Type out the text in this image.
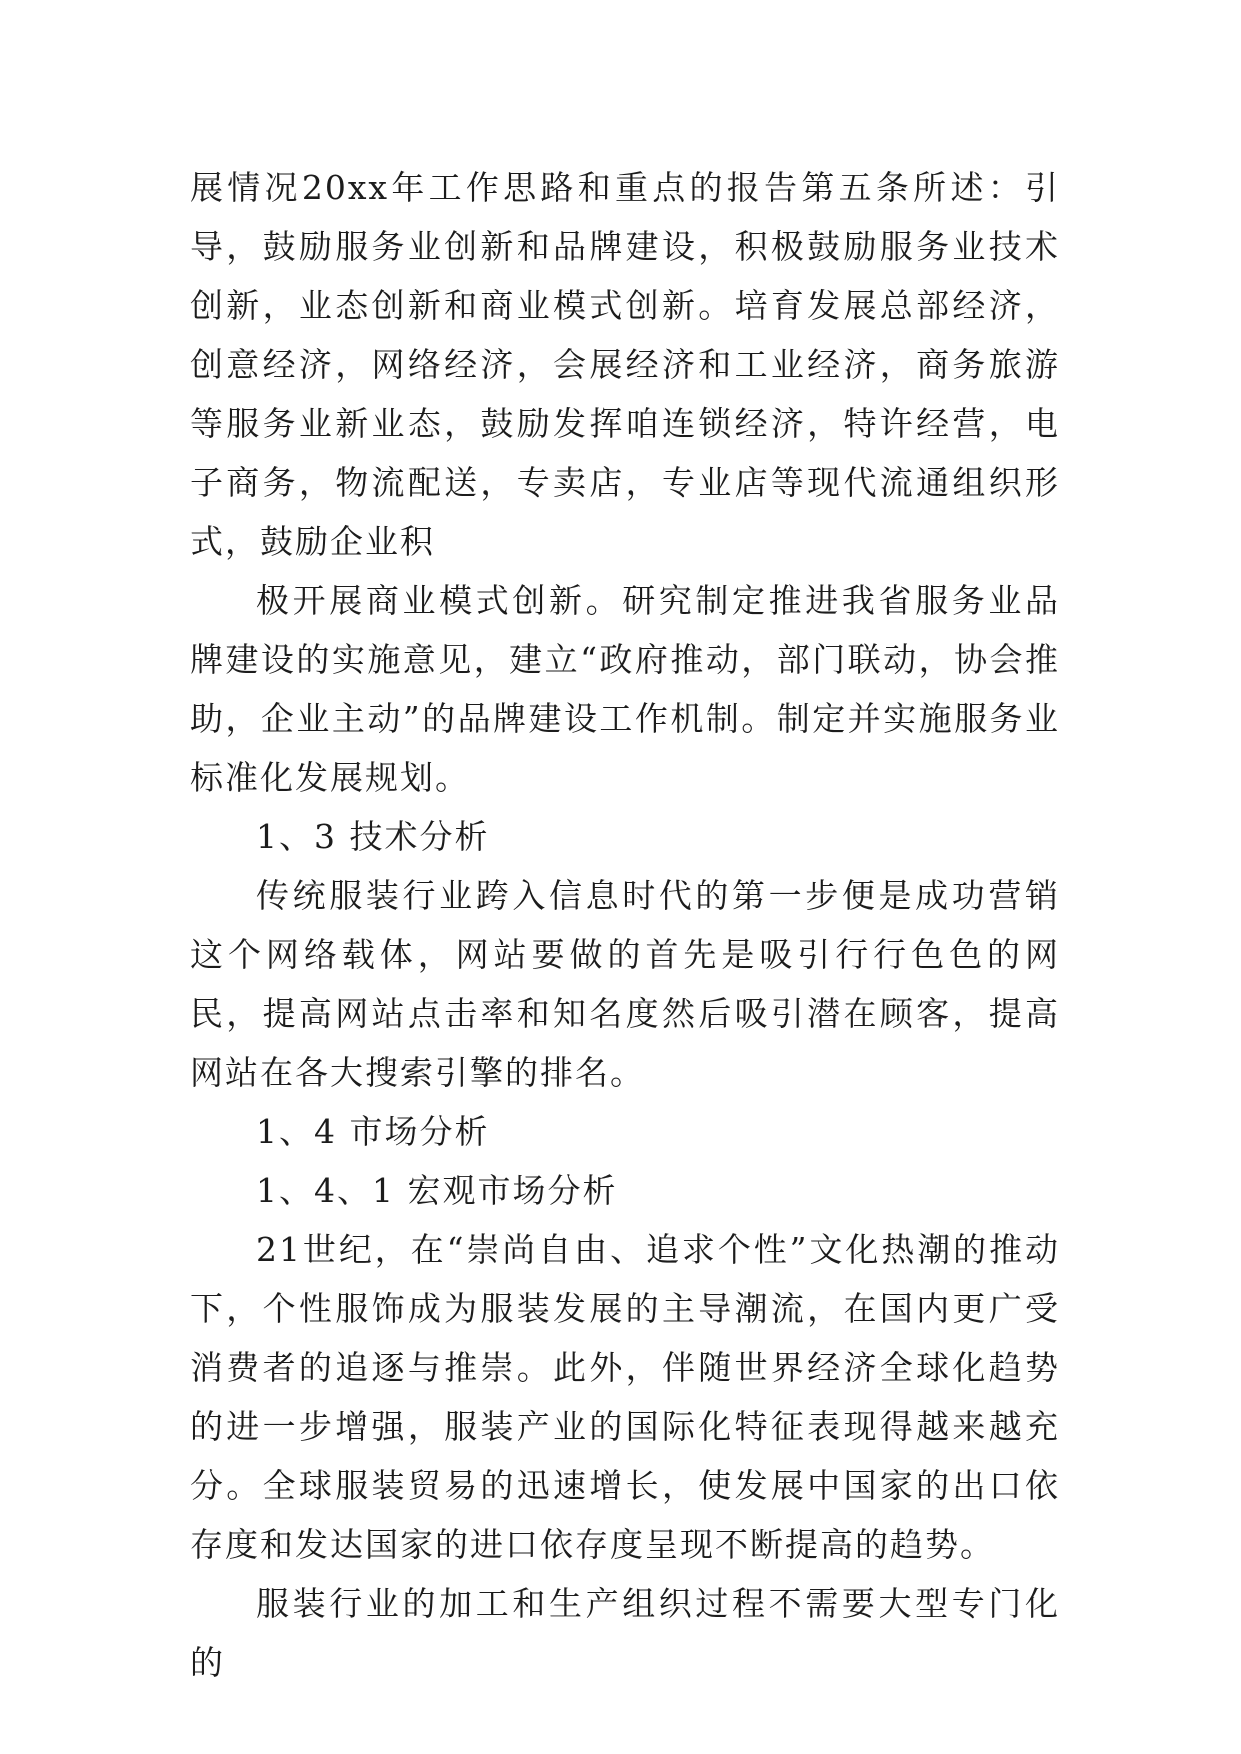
展情况20xx年工作思路和重点的报告第五条所述：引导，鼓励服务业创新和品牌建设，积极鼓励服务业技术创新，业态创新和商业模式创新。培育发展总部经济，创意经济，网络经济，会展经济和工业经济，商务旅游等服务业新业态，鼓励发挥咱连锁经济，特许经营，电子商务，物流配送，专卖店，专业店等现代流通组织形式，鼓励企业积

极开展商业模式创新。研究制定推进我省服务业品牌建设的实施意见，建立“政府推动，部门联动，协会推助，企业主动”的品牌建设工作机制。制定并实施服务业标准化发展规划。

1、3 技术分析

传统服装行业跨入信息时代的第一步便是成功营销这个网络载体，网站要做的首先是吸引行行色色的网民，提高网站点击率和知名度然后吸引潜在顾客，提高网站在各大搜索引擎的排名。

1、4 市场分析

1、4、1 宏观市场分析

21世纪，在“崇尚自由、追求个性”文化热潮的推动下，个性服饰成为服装发展的主导潮流，在国内更广受消费者的追逐与推崇。此外，伴随世界经济全球化趋势的进一步增强，服装产业的国际化特征表现得越来越充分。全球服装贸易的迅速增长，使发展中国家的出口依存度和发达国家的进口依存度呈现不断提高的趋势。

服装行业的加工和生产组织过程不需要大型专门化的
